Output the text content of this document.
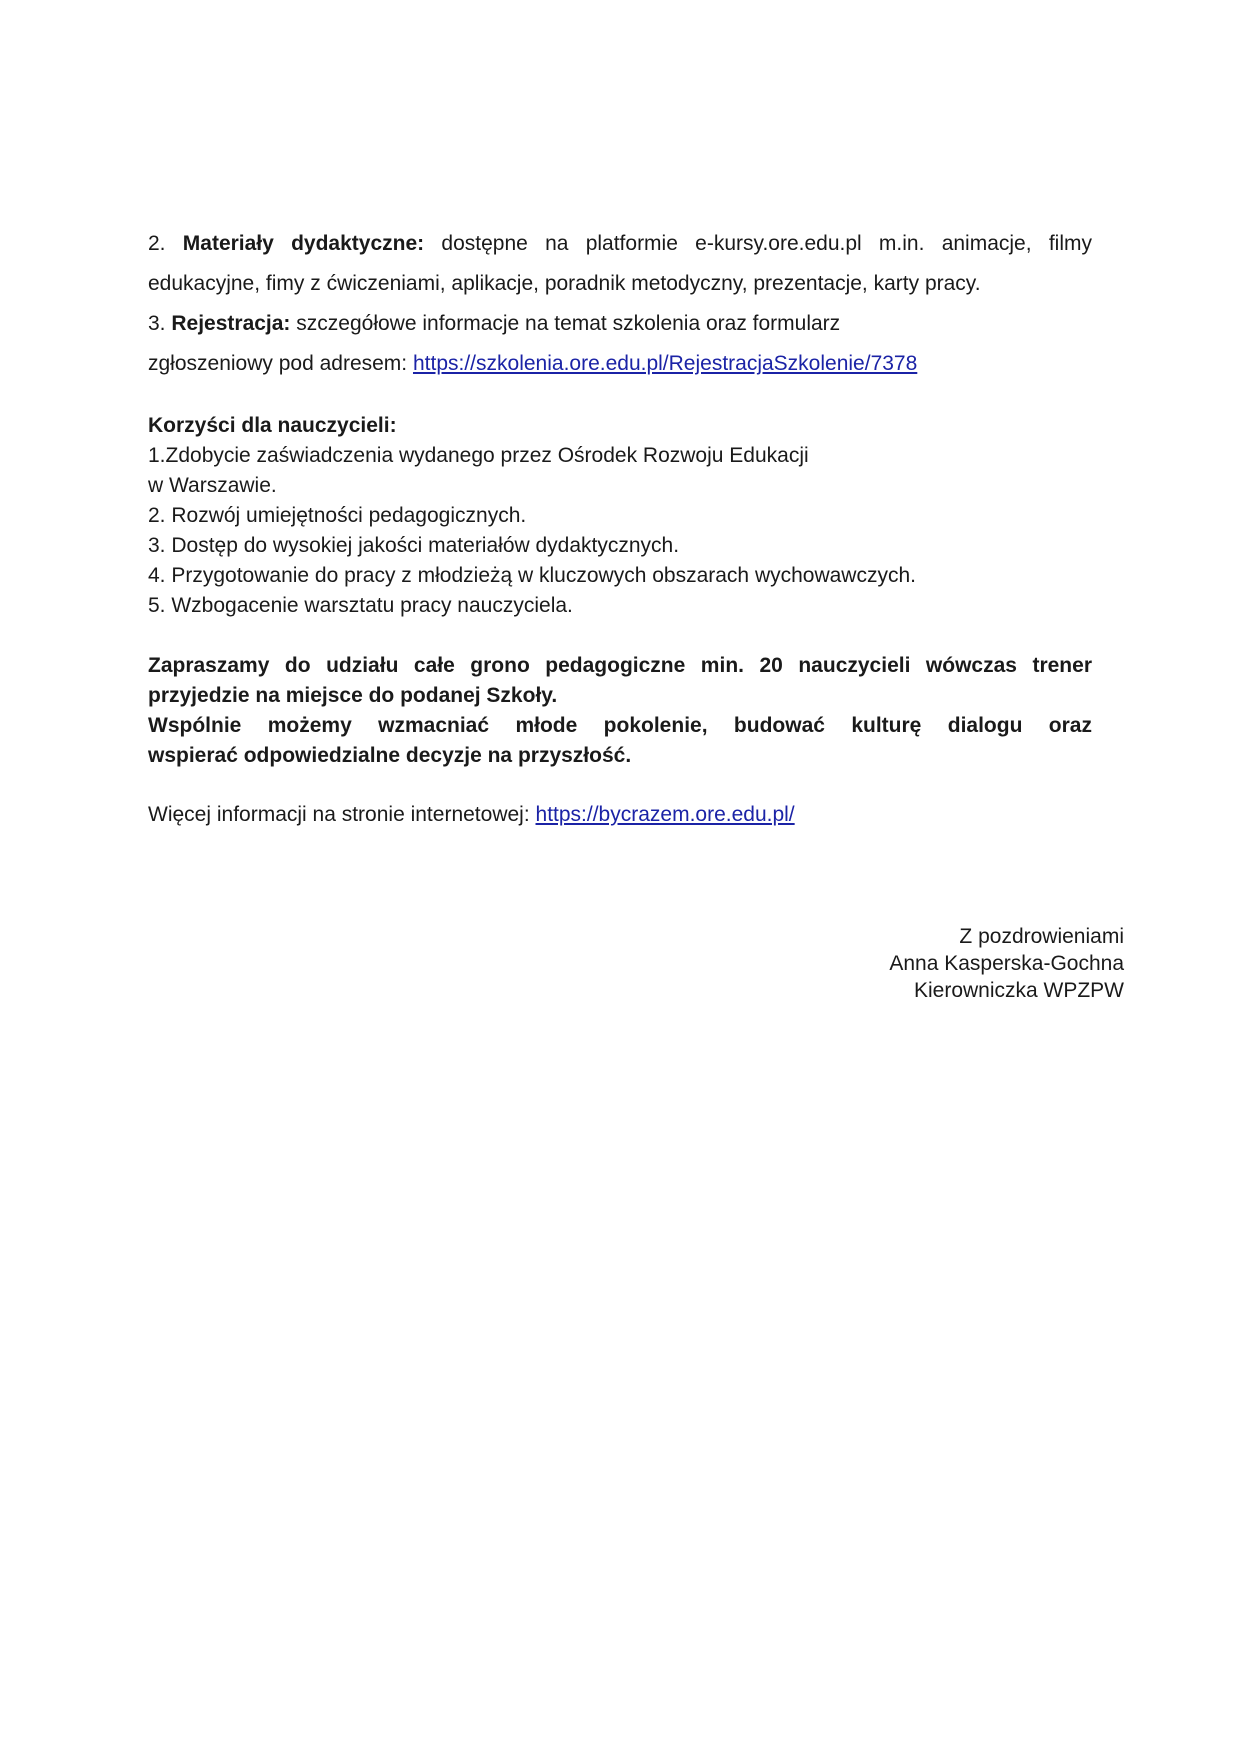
2. Materiały dydaktyczne: dostępne na platformie e-kursy.ore.edu.pl m.in. animacje, filmy

edukacyjne, fimy z ćwiczeniami, aplikacje, poradnik metodyczny, prezentacje, karty pracy.

3. Rejestracja: szczegółowe informacje na temat szkolenia oraz formularz

zgłoszeniowy pod adresem: https://szkolenia.ore.edu.pl/RejestracjaSzkolenie/7378

Korzyści dla nauczycieli:
1.Zdobycie zaświadczenia wydanego przez Ośrodek Rozwoju Edukacji
w Warszawie.
2. Rozwój umiejętności pedagogicznych.
3. Dostęp do wysokiej jakości materiałów dydaktycznych.
4. Przygotowanie do pracy z młodzieżą w kluczowych obszarach wychowawczych.
5. Wzbogacenie warsztatu pracy nauczyciela.
Zapraszamy do udziału całe grono pedagogiczne min. 20 nauczycieli wówczas trener
przyjedzie na miejsce do podanej Szkoły.
Wspólnie możemy wzmacniać młode pokolenie, budować kulturę dialogu oraz
wspierać odpowiedzialne decyzje na przyszłość.
Więcej informacji na stronie internetowej: https://bycrazem.ore.edu.pl/
Z pozdrowieniami
Anna Kasperska-Gochna
Kierowniczka WPZPW
